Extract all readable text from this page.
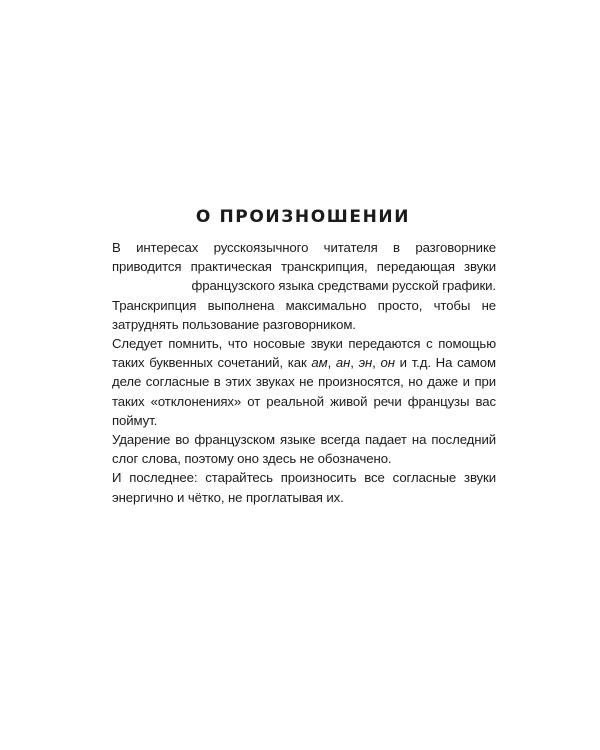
О ПРОИЗНОШЕНИИ

В интересах русскоязычного читателя в разговорнике приводится практическая транскрипция, передающая звуки французского языка средствами русской графики.

Транскрипция выполнена максимально просто, чтобы не затруднять пользование разговорником.

Следует помнить, что носовые звуки передаются с помощью таких буквенных сочетаний, как ам, ан, эн, он и т.д. На самом деле согласные в этих звуках не произносятся, но даже и при таких «отклонениях» от реальной живой речи французы вас поймут.

Ударение во французском языке всегда падает на последний слог слова, поэтому оно здесь не обозначено.

И последнее: старайтесь произносить все согласные звуки энергично и чётко, не проглатывая их.
